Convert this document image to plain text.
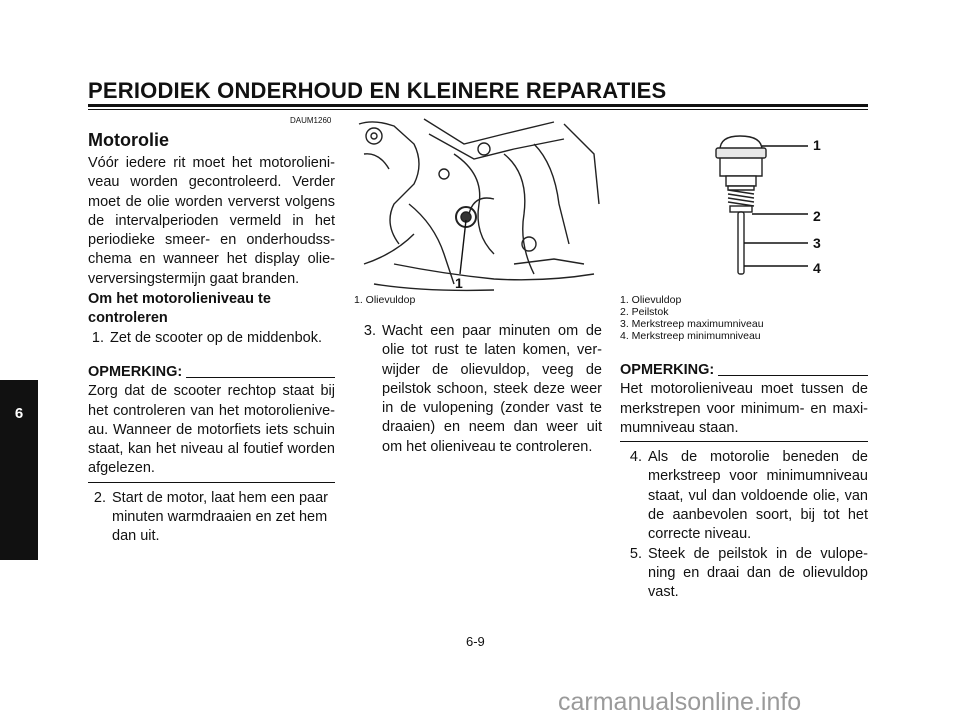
PERIODIEK ONDERHOUD EN KLEINERE REPARATIES
6
DAUM1260
Motorolie

Vóór iedere rit moet het motorolieni-veau worden gecontroleerd. Verder moet de olie worden ververst volgens de intervalperioden vermeld in het periodieke smeer- en onderhoudss-chema en wanneer het display olie-verversingstermijn gaat branden.

Om het motorolieniveau te controleren
1. Zet de scooter op de middenbok.
OPMERKING:

Zorg dat de scooter rechtop staat bij het controleren van het motorolienive-au. Wanneer de motorfiets iets schuin staat, kan het niveau al foutief worden afgelezen.

2. Start de motor, laat hem een paar minuten warmdraaien en zet hem dan uit.
1
1. Olievuldop
3. Wacht een paar minuten om de olie tot rust te laten komen, ver-wijder de olievuldop, veeg de peilstok schoon, steek deze weer in de vulopening (zonder vast te draaien) en neem dan weer uit om het olieniveau te controleren.
1
2
3
4
1. Olievuldop
2. Peilstok
3. Merkstreep maximumniveau
4. Merkstreep minimumniveau
OPMERKING:

Het motorolieniveau moet tussen de merkstrepen voor minimum- en maxi-mumniveau staan.

4. Als de motorolie beneden de merkstreep voor minimumniveau staat, vul dan voldoende olie, van de aanbevolen soort, bij tot het correcte niveau.
5. Steek de peilstok in de vulope-ning en draai dan de olievuldop vast.
6-9
carmanualsonline.info
